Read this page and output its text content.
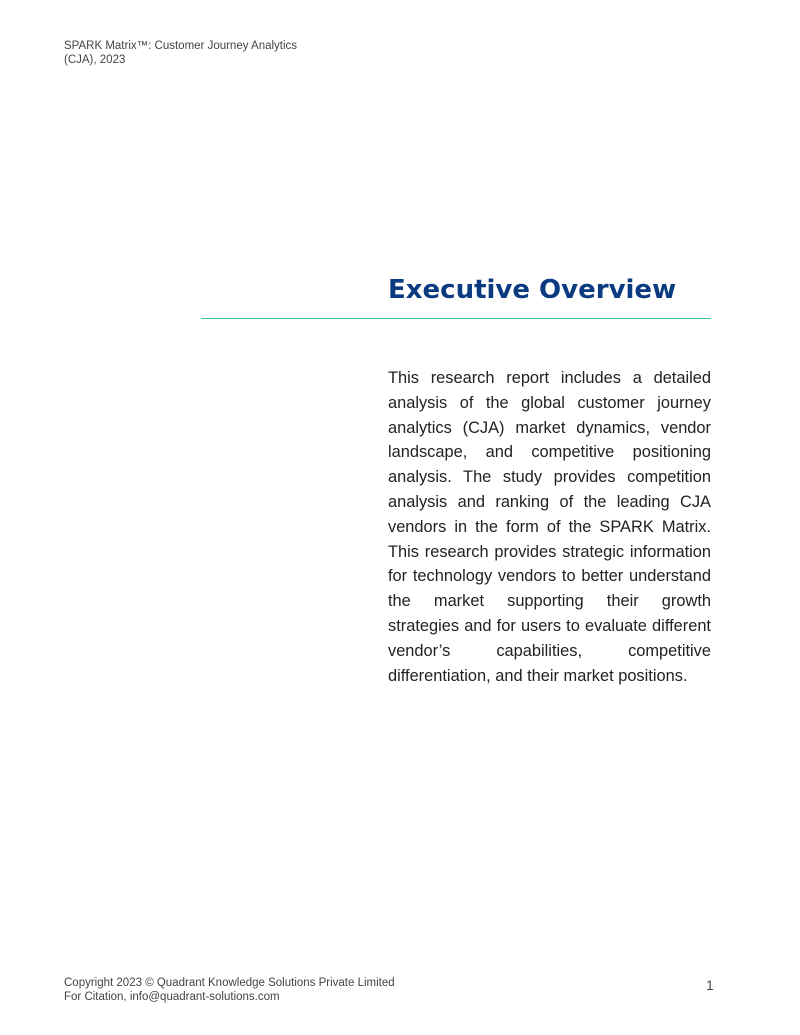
SPARK Matrix™: Customer Journey Analytics (CJA), 2023
Executive Overview

This research report includes a detailed analysis of the global customer journey analytics (CJA) market dynamics, vendor landscape, and competitive positioning analysis. The study provides competition analysis and ranking of the leading CJA vendors in the form of the SPARK Matrix. This research provides strategic information for technology vendors to better understand the market supporting their growth strategies and for users to evaluate different vendor’s capabilities, competitive differentiation, and their market positions.

Copyright 2023 © Quadrant Knowledge Solutions Private Limited
For Citation, info@quadrant-solutions.com
1
